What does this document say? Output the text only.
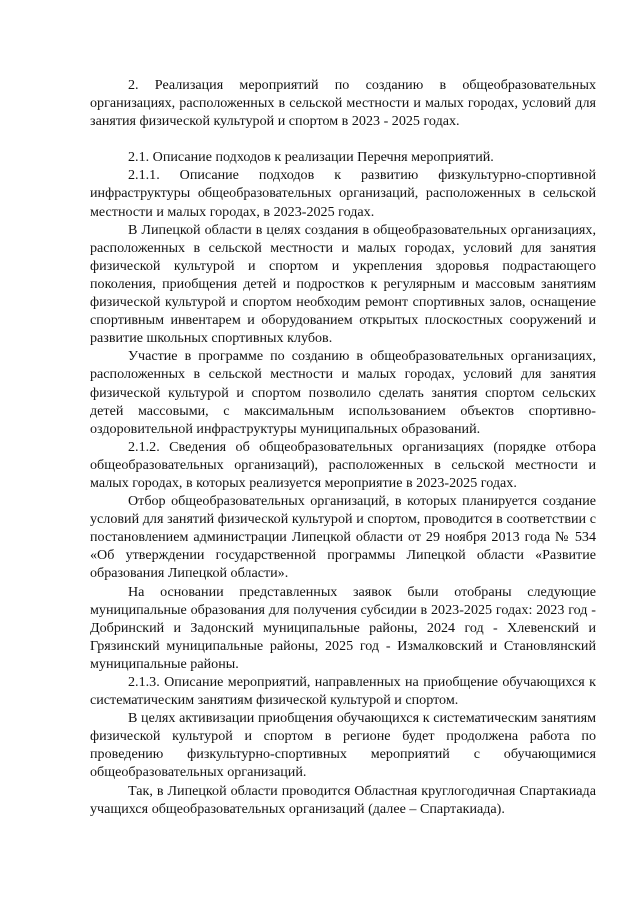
2. Реализация мероприятий по созданию в общеобразовательных организациях, расположенных в сельской местности и малых городах, условий для занятия физической культурой и спортом в 2023 - 2025 годах.

2.1. Описание подходов к реализации Перечня мероприятий.

2.1.1. Описание подходов к развитию физкультурно-спортивной инфраструктуры общеобразовательных организаций, расположенных в сельской местности и малых городах, в 2023-2025 годах.

В Липецкой области в целях создания в общеобразовательных организациях, расположенных в сельской местности и малых городах, условий для занятия физической культурой и спортом и укрепления здоровья подрастающего поколения, приобщения детей и подростков к регулярным и массовым занятиям физической культурой и спортом необходим ремонт спортивных залов, оснащение спортивным инвентарем и оборудованием открытых плоскостных сооружений и развитие школьных спортивных клубов.

Участие в программе по созданию в общеобразовательных организациях, расположенных в сельской местности и малых городах, условий для занятия физической культурой и спортом позволило сделать занятия спортом сельских детей массовыми, с максимальным использованием объектов спортивно-оздоровительной инфраструктуры муниципальных образований.

2.1.2. Сведения об общеобразовательных организациях (порядке отбора общеобразовательных организаций), расположенных в сельской местности и малых городах, в которых реализуется мероприятие в 2023-2025 годах.

Отбор общеобразовательных организаций, в которых планируется создание условий для занятий физической культурой и спортом, проводится в соответствии с постановлением администрации Липецкой области от 29 ноября 2013 года № 534 «Об утверждении государственной программы Липецкой области «Развитие образования Липецкой области».

На основании представленных заявок были отобраны следующие муниципальные образования для получения субсидии в 2023-2025 годах: 2023 год - Добринский и Задонский муниципальные районы, 2024 год - Хлевенский и Грязинский муниципальные районы, 2025 год - Измалковский и Становлянский муниципальные районы.

2.1.3. Описание мероприятий, направленных на приобщение обучающихся к систематическим занятиям физической культурой и спортом.

В целях активизации приобщения обучающихся к систематическим занятиям физической культурой и спортом в регионе будет продолжена работа по проведению физкультурно-спортивных мероприятий с обучающимися общеобразовательных организаций.

Так, в Липецкой области проводится Областная круглогодичная Спартакиада учащихся общеобразовательных организаций (далее – Спартакиада).
